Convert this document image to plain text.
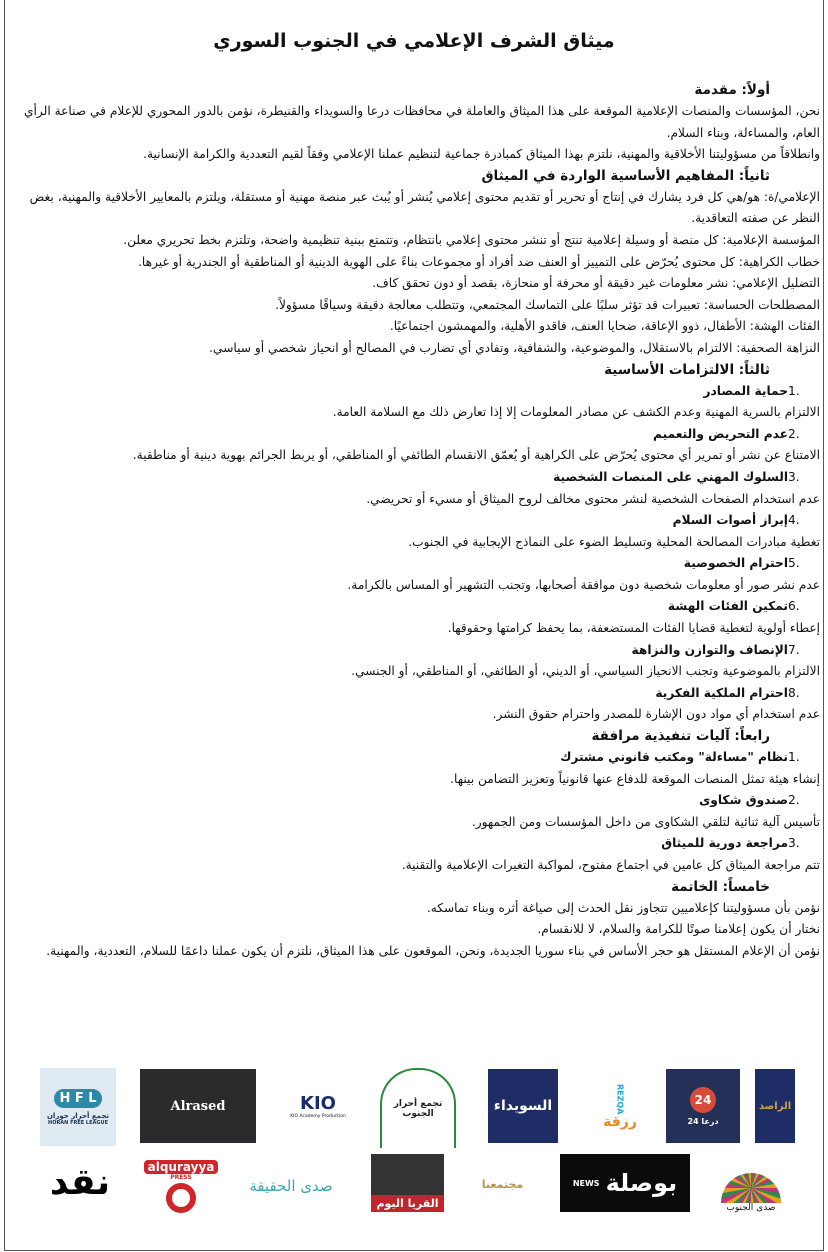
ميثاق الشرف الإعلامي في الجنوب السوري
أولاً: مقدمة

نحن، المؤسسات والمنصات الإعلامية الموقعة على هذا الميثاق والعاملة في محافظات درعا والسويداء والقنيطرة، نؤمن بالدور المحوري للإعلام في صناعة الرأي العام، والمساءلة، وبناء السلام.

وانطلاقاً من مسؤوليتنا الأخلاقية والمهنية، نلتزم بهذا الميثاق كمبادرة جماعية لتنظيم عملنا الإعلامي وفقاً لقيم التعددية والكرامة الإنسانية.

ثانياً: المفاهيم الأساسية الواردة في الميثاق

الإعلامي/ة: هو/هي كل فرد يشارك في إنتاج أو تحرير أو تقديم محتوى إعلامي يُنشر أو يُبث عبر منصة مهنية أو مستقلة، ويلتزم بالمعايير الأخلاقية والمهنية، بغض النظر عن صفته التعاقدية.

المؤسسة الإعلامية: كل منصة أو وسيلة إعلامية تنتج أو تنشر محتوى إعلامي بانتظام، وتتمتع ببنية تنظيمية واضحة، وتلتزم بخط تحريري معلن.

خطاب الكراهية: كل محتوى يُحرّض على التمييز أو العنف ضد أفراد أو مجموعات بناءً على الهوية الدينية أو المناطقية أو الجندرية أو غيرها.

التضليل الإعلامي: نشر معلومات غير دقيقة أو محرفة أو منحازة، بقصد أو دون تحقق كاف.

المصطلحات الحساسة: تعبيرات قد تؤثر سلبًا على التماسك المجتمعي، وتتطلب معالجة دقيقة وسياقًا مسؤولاً.

الفئات الهشة: الأطفال، ذوو الإعاقة، ضحايا العنف، فاقدو الأهلية، والمهمشون اجتماعيًا.

النزاهة الصحفية: الالتزام بالاستقلال، والموضوعية، والشفافية، وتفادي أي تضارب في المصالح أو انحياز شخصي أو سياسي.

ثالثاً: الالتزامات الأساسية
1.حماية المصادر

الالتزام بالسرية المهنية وعدم الكشف عن مصادر المعلومات إلا إذا تعارض ذلك مع السلامة العامة.

2.عدم التحريض والتعميم

الامتناع عن نشر أو تمرير أي محتوى يُحرّض على الكراهية أو يُعمّق الانقسام الطائفي أو المناطقي، أو يربط الجرائم بهوية دينية أو مناطقية.

3.السلوك المهني على المنصات الشخصية

عدم استخدام الصفحات الشخصية لنشر محتوى مخالف لروح الميثاق أو مسيء أو تحريضي.

4.إبراز أصوات السلام

تغطية مبادرات المصالحة المحلية وتسليط الضوء على النماذج الإيجابية في الجنوب.

5.احترام الخصوصية

عدم نشر صور أو معلومات شخصية دون موافقة أصحابها، وتجنب التشهير أو المساس بالكرامة.

6.تمكين الفئات الهشة

إعطاء أولوية لتغطية قضايا الفئات المستضعفة، بما يحفظ كرامتها وحقوقها.

7.الإنصاف والتوازن والنزاهة

الالتزام بالموضوعية وتجنب الانحياز السياسي، أو الديني، أو الطائفي، أو المناطقي، أو الجنسي.

8.احترام الملكية الفكرية

عدم استخدام أي مواد دون الإشارة للمصدر واحترام حقوق النشر.

رابعاً: آليات تنفيذية مرافقة
1.نظام "مساءلة" ومكتب قانوني مشترك

إنشاء هيئة تمثل المنصات الموقعة للدفاع عنها قانونياً وتعزيز التضامن بينها.

2.صندوق شكاوى

تأسيس آلية ثنائية لتلقي الشكاوى من داخل المؤسسات ومن الجمهور.

3.مراجعة دورية للميثاق

تتم مراجعة الميثاق كل عامين في اجتماع مفتوح، لمواكبة التغيرات الإعلامية والتقنية.

خامساً: الخاتمة

نؤمن بأن مسؤوليتنا كإعلاميين تتجاوز نقل الحدث إلى صياغة أثره وبناء تماسكه.

نختار أن يكون إعلامنا صوتًا للكرامة والسلام، لا للانقسام.

نؤمن أن الإعلام المستقل هو حجر الأساس في بناء سوريا الجديدة، ونحن، الموقعون على هذا الميثاق، نلتزم أن يكون عملنا داعمًا للسلام، التعددية، والمهنية.

H F L
تجمع أحرار حوران
HORAN FREE LEAGUE
Alrased	KIO
KIO Academy Production
تجمع أحرار الجنوب	السويداء	REZQA
رزقة
24
درعا 24
الراصد
نقد	alqurayya
PRESS	صدى الحقيقة
القريا اليوم
مجتمعنا	NEWS بوصلة
صدى الجنوب
